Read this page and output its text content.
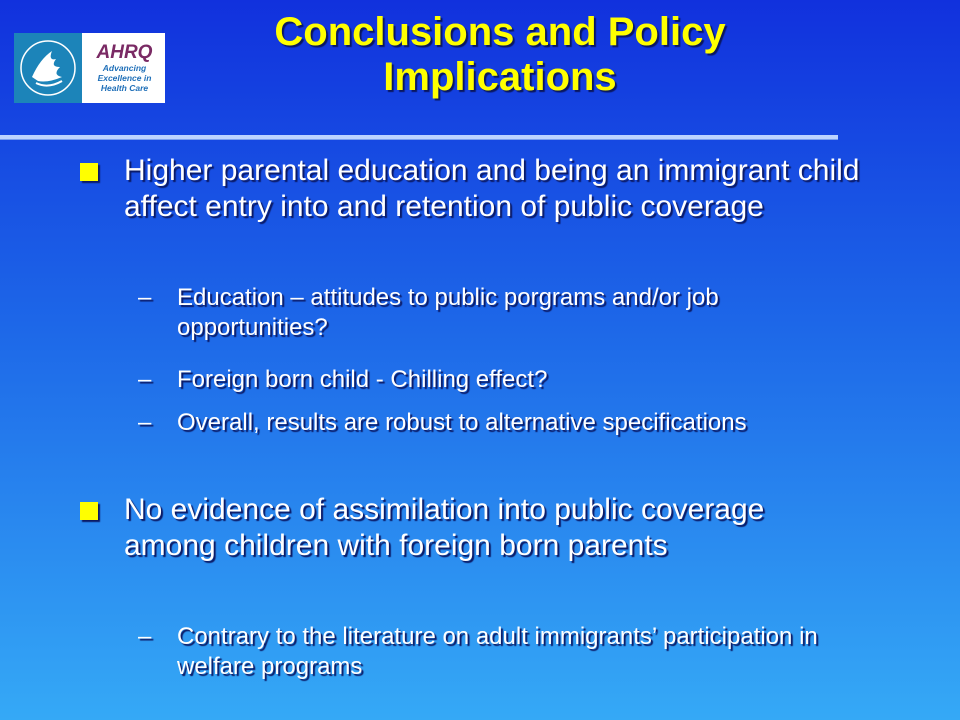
AHRQ
Advancing
Excellence in
Health Care
Conclusions and Policy Implications
Higher parental education and being an immigrant child affect entry into and retention of public coverage
– Education – attitudes to public porgrams and/or job opportunities?
– Foreign born child - Chilling effect?
– Overall, results are robust to alternative specifications
No evidence of assimilation into public coverage among children with foreign born parents
– Contrary to the literature on adult immigrants’ participation in welfare programs
